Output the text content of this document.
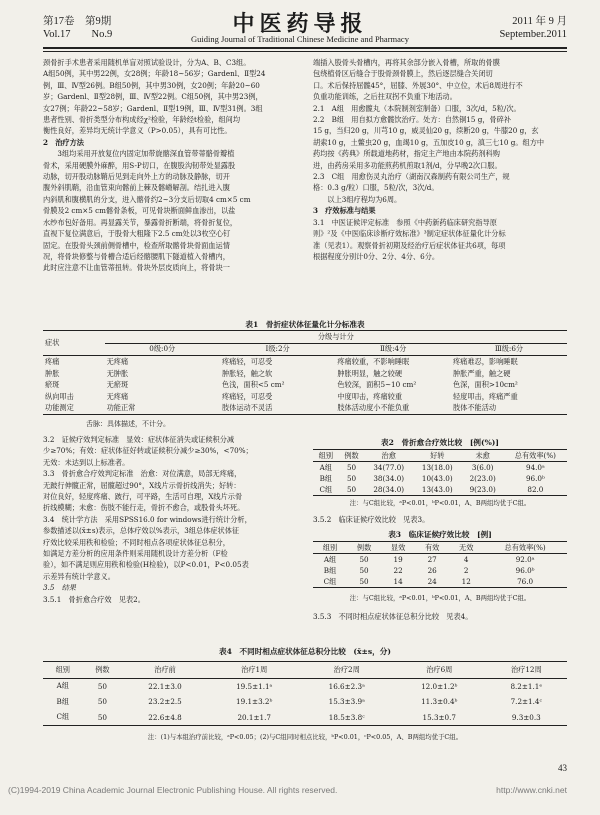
第17卷　第9期
Vol.17　　No.9	中医药导报
Guiding Journal of Traditional Chinese Medicine and Pharmacy
2011 年 9 月
September.2011

颈骨折手术患者采用随机单盲对照试验设计，分为A、B、C3组。

A组50例，其中男22例，女28例；年龄18~56岁；Gardenl、Ⅱ型24

例，Ⅲ、Ⅳ型26例。B组50例，其中男30例，女20例；年龄20~60

岁；Gardenl、Ⅱ型28例，Ⅲ、Ⅳ型22例。C组50例，其中男23例，

女27例；年龄22~58岁；Gardenl、Ⅱ型19例，Ⅲ、Ⅳ型31例。3组

患者性别、骨折类型分布构成经χ²检验，年龄经t检验，组间均

衡性良好，差异均无统计学意义（P>0.05），具有可比性。

2　治疗方法

3组均采用开放复位内固定加带旋髂深血管带蒂骼骨瓣植

骨术，采用硬膜外麻醉，用S-P切口，在腹股沟韧带处显露股

动脉，切开股动脉鞘后见到走向外上方的动脉及静脉，切开

腹外斜肌鞘，沿血管束向髂前上棘及髂嵴解剖。结扎进入腹

内斜肌和腹横肌的分支，进入髂骨约2~3分支后切取4 cm×5 cm

骨膜及2 cm×5 cm髂骨条板，可见骨块断面鲜血渗出，以盐

水纱布包好备用。再显露关节，暴露骨折断端，将骨折复位，

直视下复位满意后，于股骨大粗隆下2.5 cm处以3枚空心钉

固定。在股骨头颈前侧骨槽中，检查所取髂骨块骨面血运情

况，将骨块修整与骨槽合适后经髂腰肌下隧道植入骨槽内，

此时应注意不让血管蒂扭转。骨块外层皮质向上，将骨块一

端插入股骨头骨槽内，再将其余部分嵌入骨槽，所取的骨膜

包绕植骨区后缝合于股骨颈骨膜上，然后逐层缝合关闭切

口。术后保持屈髋45°，屈膝、外展30°、中立位，术后8周进行不

负重功能训练，之后拄双拐不负重下地活动。

2.1　A组　用愈髋丸（本院制剂室制备）口服，3次/d，5粒/次。

2.2　B组　用自拟方愈髋饮治疗。处方：自然铜15 g，骨碎补

15 g，当归20 g，川芎10 g，威灵仙20 g，续断20 g，牛膝20 g，玄

胡索10 g，土鳖虫20 g，血竭10 g，五加皮10 g，滇三七10 g。组方中

药均按《药典》所载道地药材，指定主产地由本院药剂科购

进，由药房采用多功能煎药机煎取1剂/d，分早晚2次口服。

2.3　C组　用愈伤灵丸治疗（湖南汉森制药有限公司生产，规

格：0.3 g/粒）口服，5粒/次，3次/d。

以上3组疗程均为6周。

3　疗效标准与结果

3.1　中医证候评定标准　参照《中药新药临床研究指导原

则》²及《中医临床诊断疗效标准》³制定症状体征量化计分标

准（见表1）。观察骨折初期及经治疗后症状体征共6项，每项

根据程度分别计0分、2分、4分、6分。

表1　骨折症状体征量化计分标准表
症状	分级与计分			
	0级:0分	Ⅰ级:2分	Ⅱ级:4分	Ⅲ级:6分
疼痛	无疼痛	疼痛轻，可忍受	疼痛较重，不影响睡眠	疼痛难忍，影响睡眠
肿胀	无肿胀	肿胀轻，触之软	肿胀明显，触之较硬	肿胀严重，触之硬
瘀斑	无瘀斑	色浅，面积<5 cm²	色较深，面积5~10 cm²	色深，面积>10cm²
纵向叩击	无疼痛	疼痛轻，可忍受	中度叩击，疼痛较重	轻度叩击，疼痛严重
功能测定	功能正常	肢体运动不灵活	肢体活动度小不能负重	肢体不能活动
舌脉：具体描述，不计分。

3.2　证候疗效判定标准　显效：症状体征消失或证候积分减

少≥70%；有效：症状体征好转或证候积分减少≥30%，<70%；

无效：未达到以上标准者。

3.3　骨折愈合疗效判定标准　治愈：对位满意，局部无疼痛，

无跛行伸髋正常，屈髋超过90°，X线片示骨折线消失；好转：

对位良好，轻度疼痛、跛行，可平路，生活可自理，X线片示骨

折线模糊；未愈：伤肢不能行走，骨折不愈合，或股骨头坏死。

3.4　统计学方法　采用SPSS16.0 for windows进行统计分析，

参数描述以(x̄±s)表示，总体疗效以%表示，3组总体症状体征

疗效比较采用秩和检验；不同时相点各项症状体征总积分，

如满足方差分析的应用条件则采用随机设计方差分析（F检

验），如不满足则应用秩和检验(H检验)，以P<0.01，P<0.05表

示差异有统计学意义。

3.5　结果

3.5.1　骨折愈合疗效　见表2。

表2　骨折愈合疗效比较　[例(%)]
组别	例数	治愈	好转	未愈	总有效率(%)
A组	50	34(77.0)	13(18.0)	3(6.0)	94.0ᵃ
B组	50	38(34.0)	10(43.0)	2(23.0)	96.0ᵇ
C组	50	28(34.0)	13(43.0)	9(23.0)	82.0
注：与C组比较，ᵃP<0.01，ᵇP<0.01，A、B两组均优于C组。
3.5.2　临床证候疗效比较　见表3。
表3　临床证候疗效比较　[例]
组别	例数	显效	有效	无效	总有效率(%)
A组	50	19	27	4	92.0ᵃ
B组	50	22	26	2	96.0ᵇ
C组	50	14	24	12	76.0
注：与C组比较，ᵃP<0.01，ᵇP<0.01，A、B两组均优于C组。
3.5.3　不同时相点症状体征总积分比较　见表4。
表4　不同时相点症状体征总积分比较　(x̄±s，分)
组别	例数	治疗前	治疗1周	治疗2周	治疗6周	治疗12周
A组	50	22.1±3.0	19.5±1.1ᵃ	16.6±2.3ᵃ	12.0±1.2ᵇ	8.2±1.1ᵉ
B组	50	23.2±2.5	19.1±3.2ᵇ	15.3±3.9ᵃ	11.3±0.4ᵇ	7.2±1.4ᶜ
C组	50	22.6±4.8	20.1±1.7	18.5±3.8ᶜ	15.3±0.7	9.3±0.3
注：(1)与本组治疗前比较，ᵃP<0.05；(2)与C组同时相点比较，ᵇP<0.01，ᶜP<0.05，A、B两组均优于C组。
43
(C)1994-2019 China Academic Journal Electronic Publishing House. All rights reserved.	http://www.cnki.net
